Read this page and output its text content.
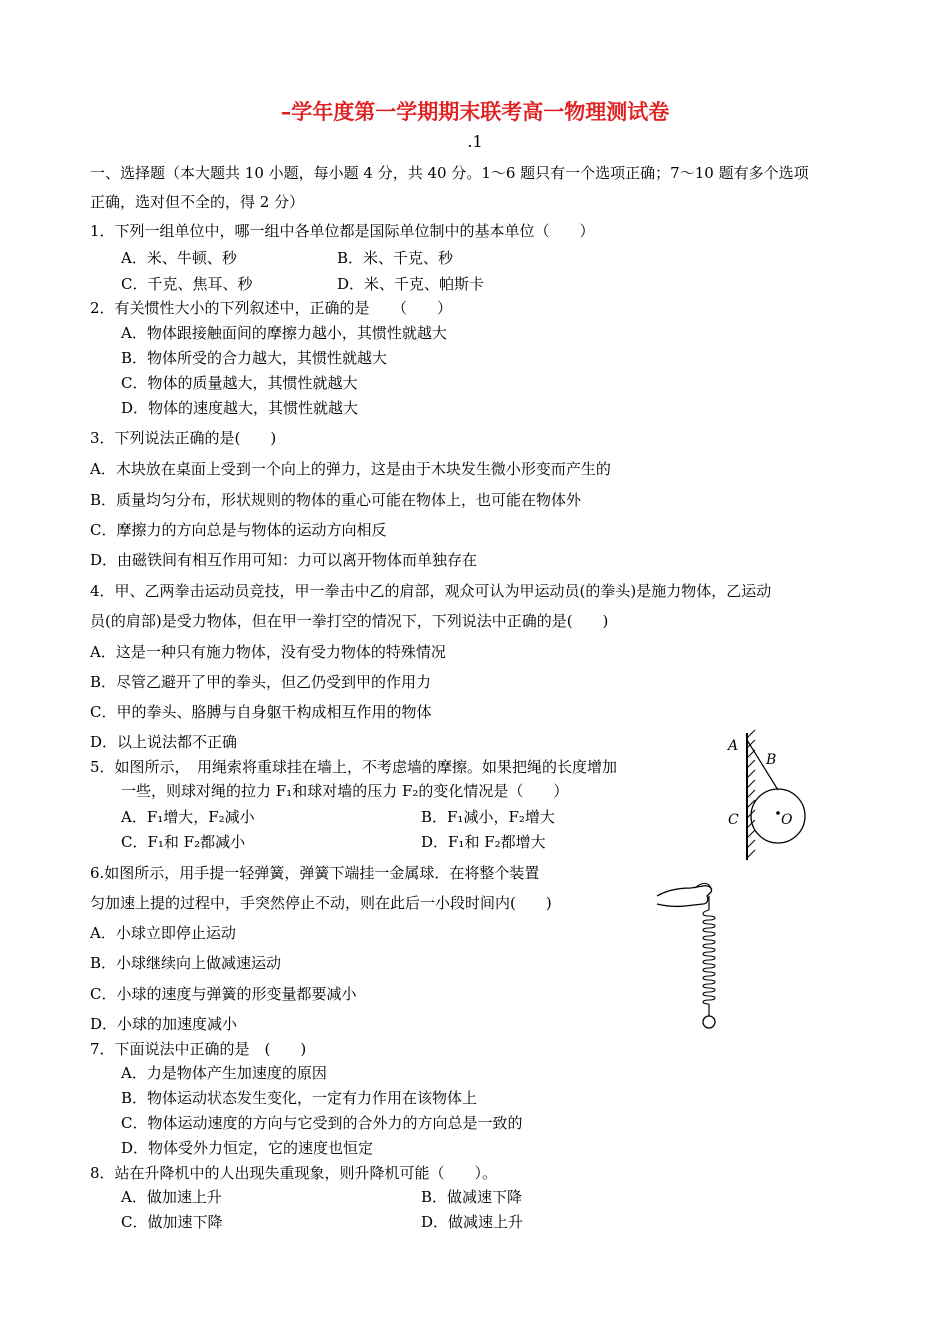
–学年度第一学期期末联考高一物理测试卷
.1
一、选择题（本大题共 10 小题，每小题 4 分，共 40 分。1～6 题只有一个选项正确；7～10 题有多个选项
正确，选对但不全的，得 2 分）
1．下列一组单位中，哪一组中各单位都是国际单位制中的基本单位（　　）
A．米、牛顿、秒	B．米、千克、秒
C．千克、焦耳、秒	D．米、千克、帕斯卡
2．有关惯性大小的下列叙述中，正确的是　　（　　）
A．物体跟接触面间的摩擦力越小，其惯性就越大
B．物体所受的合力越大，其惯性就越大
C．物体的质量越大，其惯性就越大
D．物体的速度越大，其惯性就越大
3．下列说法正确的是(　　)
A．木块放在桌面上受到一个向上的弹力，这是由于木块发生微小形变而产生的
B．质量均匀分布，形状规则的物体的重心可能在物体上，也可能在物体外
C．摩擦力的方向总是与物体的运动方向相反
D．由磁铁间有相互作用可知：力可以离开物体而单独存在
4．甲、乙两拳击运动员竞技，甲一拳击中乙的肩部，观众可认为甲运动员(的拳头)是施力物体，乙运动
员(的肩部)是受力物体，但在甲一拳打空的情况下，下列说法中正确的是(　　)
A．这是一种只有施力物体，没有受力物体的特殊情况
B．尽管乙避开了甲的拳头，但乙仍受到甲的作用力
C．甲的拳头、胳膊与自身躯干构成相互作用的物体
D．以上说法都不正确
5．如图所示，　用绳索将重球挂在墙上，不考虑墙的摩擦。如果把绳的长度增加
一些，则球对绳的拉力 F₁和球对墙的压力 F₂的变化情况是（　　）
A．F₁增大，F₂减小	B．F₁减小，F₂增大
C．F₁和 F₂都减小	D．F₁和 F₂都增大
A
B
C	O
6.如图所示，用手提一轻弹簧，弹簧下端挂一金属球．在将整个装置
匀加速上提的过程中，手突然停止不动，则在此后一小段时间内(　　)
A．小球立即停止运动
B．小球继续向上做减速运动
C．小球的速度与弹簧的形变量都要减小
D．小球的加速度减小
7．下面说法中正确的是　(　　)
A．力是物体产生加速度的原因
B．物体运动状态发生变化，一定有力作用在该物体上
C．物体运动速度的方向与它受到的合外力的方向总是一致的
D．物体受外力恒定，它的速度也恒定
8．站在升降机中的人出现失重现象，则升降机可能（　　）。
A．做加速上升	B．做减速下降
C．做加速下降	D．做减速上升
